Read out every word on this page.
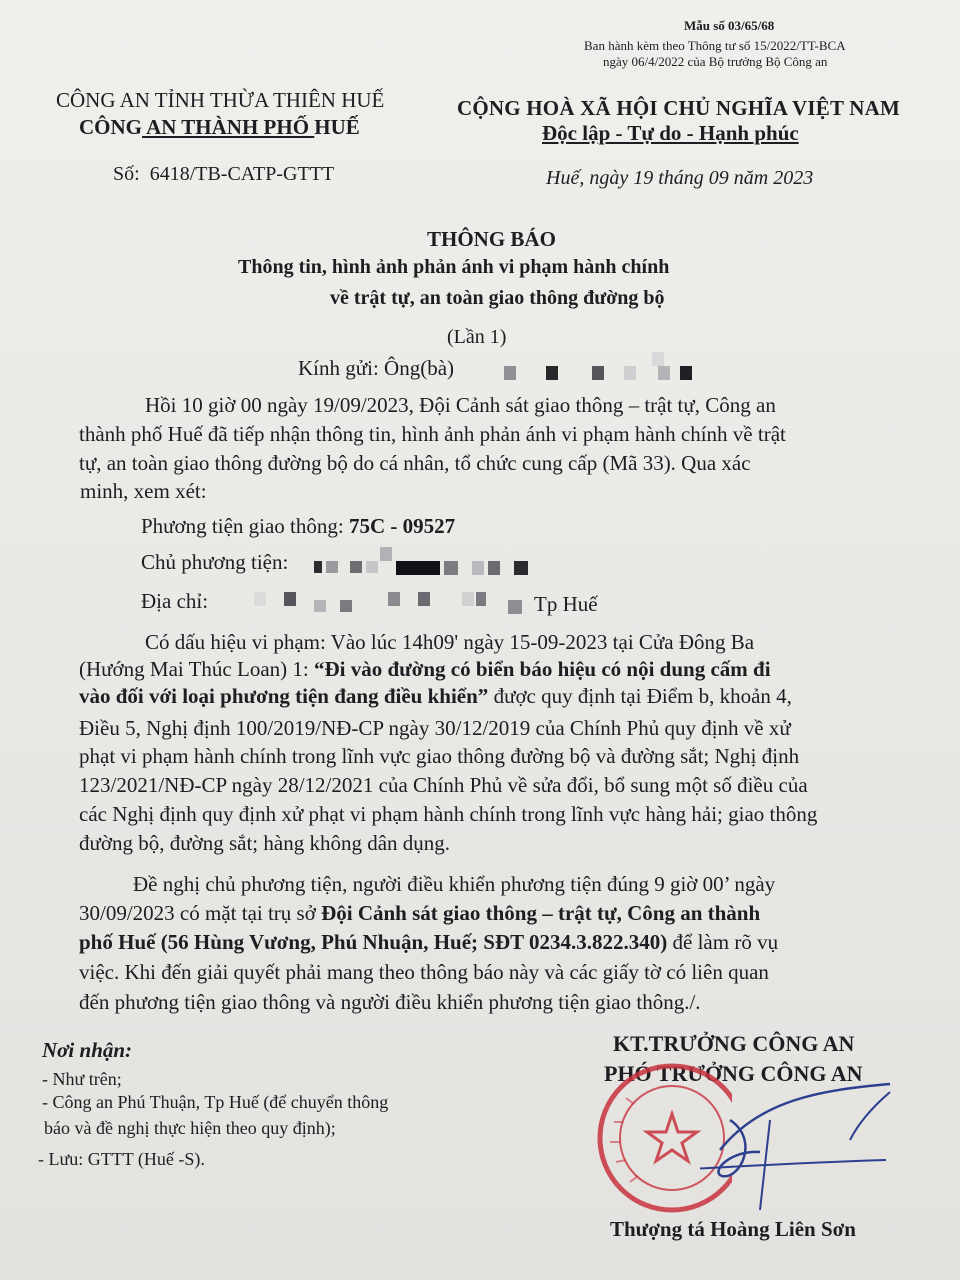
Mẫu số 03/65/68
Ban hành kèm theo Thông tư số 15/2022/TT-BCA
ngày 06/4/2022 của Bộ trưởng Bộ Công an
CÔNG AN TỈNH THỪA THIÊN HUẾ
CÔNG AN THÀNH PHỐ HUẾ
CỘNG HOÀ XÃ HỘI CHỦ NGHĨA VIỆT NAM
Độc lập - Tự do - Hạnh phúc
Số: 6418/TB-CATP-GTTT	Huế, ngày 19 tháng 09 năm 2023
THÔNG BÁO
Thông tin, hình ảnh phản ánh vi phạm hành chính
về trật tự, an toàn giao thông đường bộ
(Lần 1)
Kính gửi: Ông(bà)
Hồi 10 giờ 00 ngày 19/09/2023, Đội Cảnh sát giao thông – trật tự, Công an
thành phố Huế đã tiếp nhận thông tin, hình ảnh phản ánh vi phạm hành chính về trật
tự, an toàn giao thông đường bộ do cá nhân, tổ chức cung cấp (Mã 33). Qua xác
minh, xem xét:
Phương tiện giao thông: 75C - 09527
Chủ phương tiện:
Địa chỉ:	Tp Huế
Có dấu hiệu vi phạm: Vào lúc 14h09' ngày 15-09-2023 tại Cửa Đông Ba
(Hướng Mai Thúc Loan) 1: “Đi vào đường có biển báo hiệu có nội dung cấm đi
vào đối với loại phương tiện đang điều khiển” được quy định tại Điểm b, khoản 4,
Điều 5, Nghị định 100/2019/NĐ-CP ngày 30/12/2019 của Chính Phủ quy định về xử
phạt vi phạm hành chính trong lĩnh vực giao thông đường bộ và đường sắt; Nghị định
123/2021/NĐ-CP ngày 28/12/2021 của Chính Phủ về sửa đổi, bổ sung một số điều của
các Nghị định quy định xử phạt vi phạm hành chính trong lĩnh vực hàng hải; giao thông
đường bộ, đường sắt; hàng không dân dụng.
Đề nghị chủ phương tiện, người điều khiển phương tiện đúng 9 giờ 00’ ngày
30/09/2023 có mặt tại trụ sở Đội Cảnh sát giao thông – trật tự, Công an thành
phố Huế (56 Hùng Vương, Phú Nhuận, Huế; SĐT 0234.3.822.340) để làm rõ vụ
việc. Khi đến giải quyết phải mang theo thông báo này và các giấy tờ có liên quan
đến phương tiện giao thông và người điều khiển phương tiện giao thông./.
Nơi nhận:
- Như trên;
- Công an Phú Thuận, Tp Huế (để chuyển thông
báo và đề nghị thực hiện theo quy định);
- Lưu: GTTT (Huế -S).
KT.TRƯỞNG CÔNG AN
PHÓ TRƯỞNG CÔNG AN
Thượng tá Hoàng Liên Sơn
